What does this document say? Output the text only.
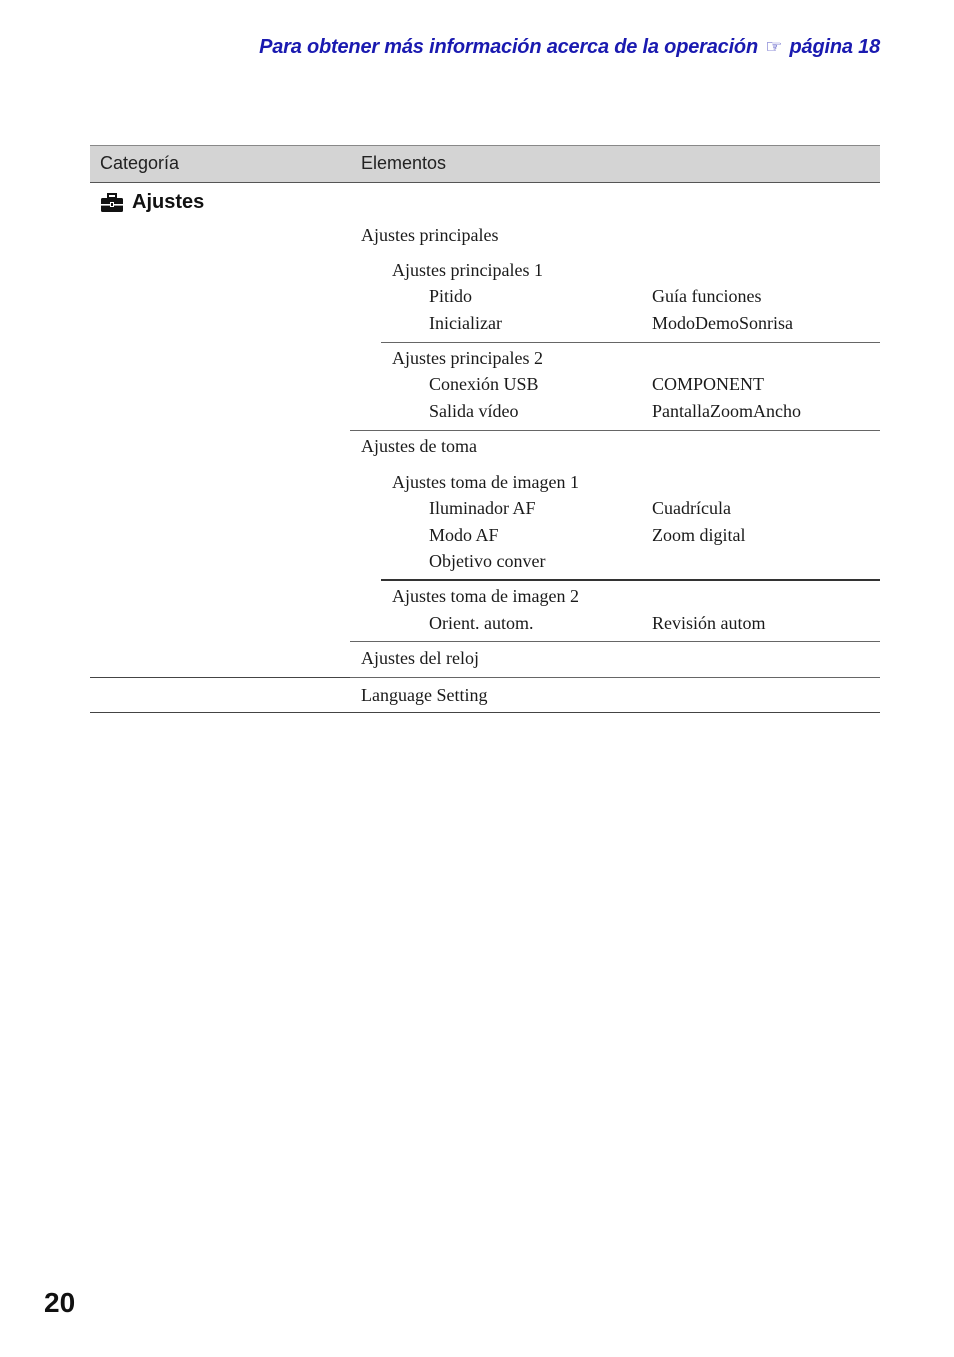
Para obtener más información acerca de la operación ☞ página 18
Categoría	Elementos
Ajustes
Ajustes principales
Ajustes principales 1
Pitido	Guía funciones
Inicializar	ModoDemoSonrisa
Ajustes principales 2
Conexión USB	COMPONENT
Salida vídeo	PantallaZoomAncho
Ajustes de toma
Ajustes toma de imagen 1
Iluminador AF	Cuadrícula
Modo AF	Zoom digital
Objetivo conver
Ajustes toma de imagen 2
Orient. autom.	Revisión autom
Ajustes del reloj
Language Setting
20
